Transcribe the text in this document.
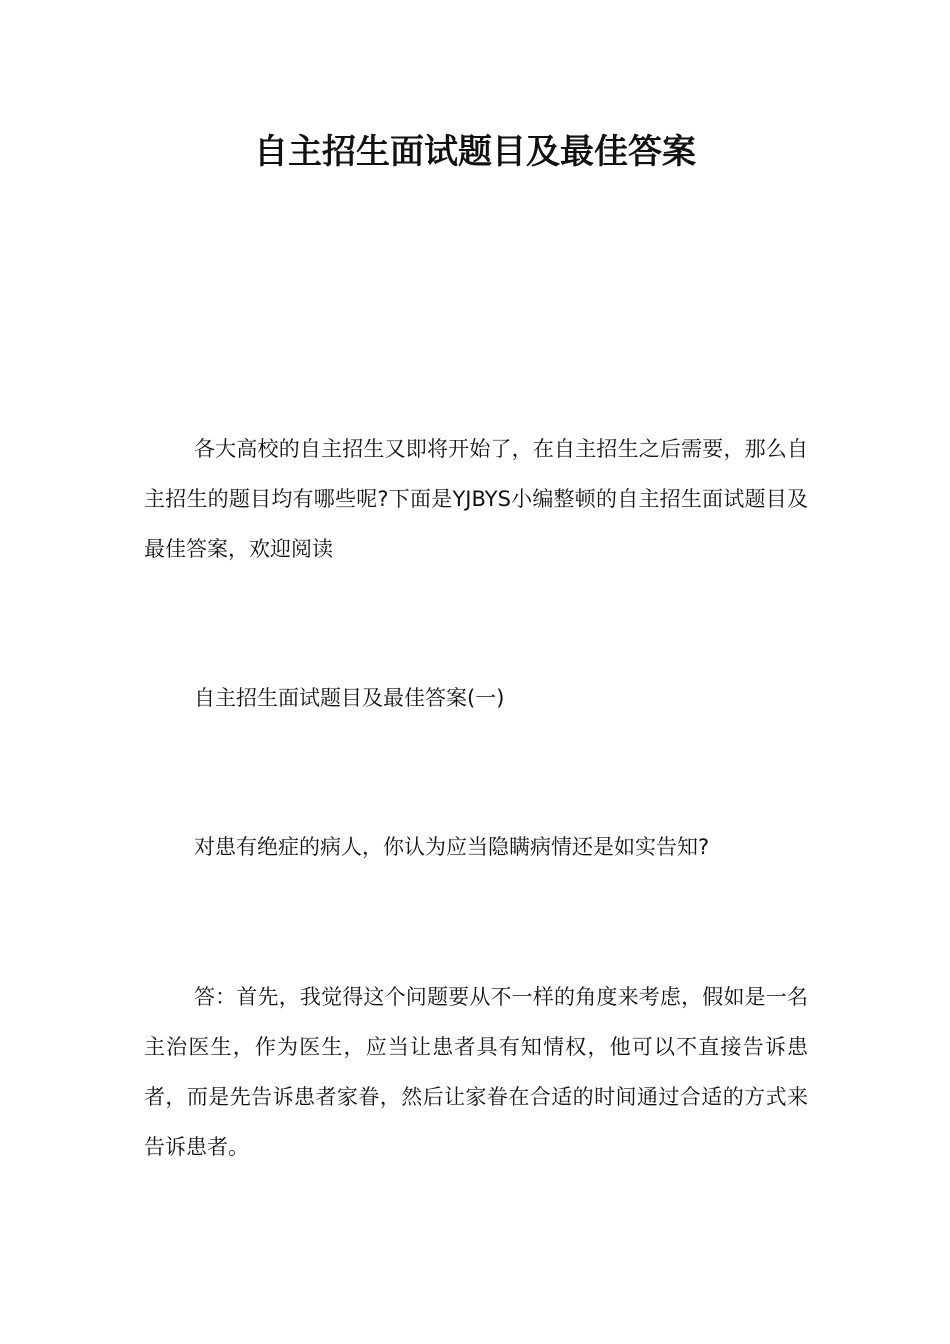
自主招生面试题目及最佳答案

各大高校的自主招生又即将开始了，在自主招生之后需要，那么自主招生的题目均有哪些呢?下面是YJBYS小编整顿的自主招生面试题目及最佳答案，欢迎阅读

自主招生面试题目及最佳答案(一)

对患有绝症的病人，你认为应当隐瞒病情还是如实告知?

答：首先，我觉得这个问题要从不一样的角度来考虑，假如是一名主治医生，作为医生，应当让患者具有知情权，他可以不直接告诉患者，而是先告诉患者家眷，然后让家眷在合适的时间通过合适的方式来告诉患者。
